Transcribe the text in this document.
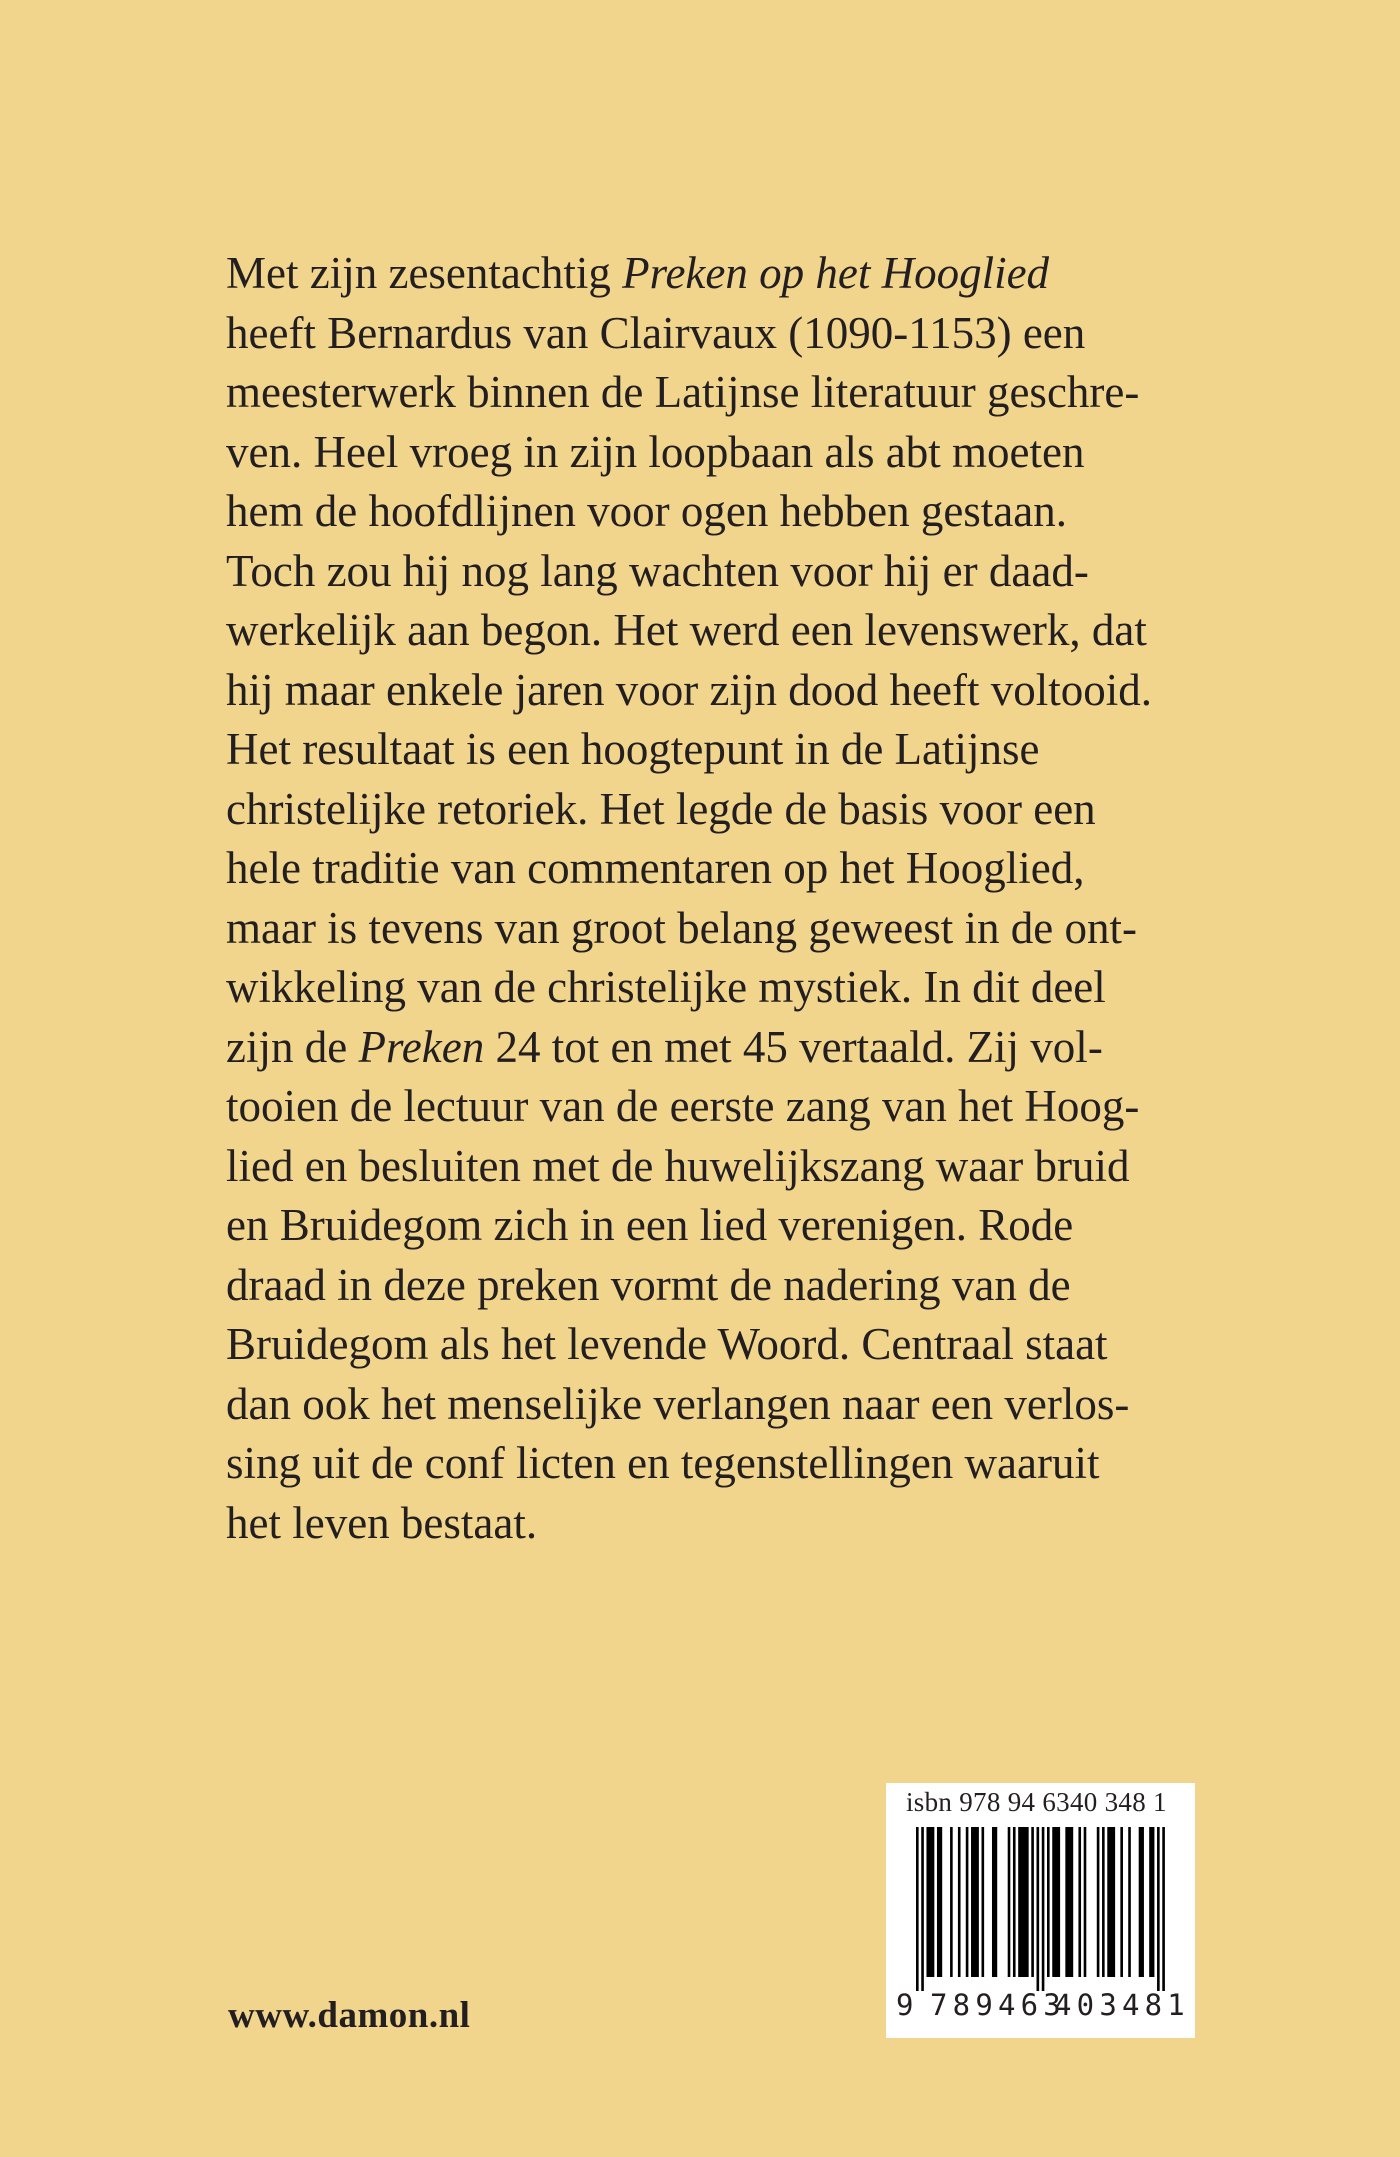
Met zijn zesentachtig Preken op het Hooglied
heeft Bernardus van Clairvaux (1090-1153) een
meesterwerk binnen de Latijnse literatuur geschre-
ven. Heel vroeg in zijn loopbaan als abt moeten
hem de hoofdlijnen voor ogen hebben gestaan.
Toch zou hij nog lang wachten voor hij er daad-
werkelijk aan begon. Het werd een levenswerk, dat
hij maar enkele jaren voor zijn dood heeft voltooid.
Het resultaat is een hoogtepunt in de Latijnse
christelijke retoriek. Het legde de basis voor een
hele traditie van commentaren op het Hooglied,
maar is tevens van groot belang geweest in de ont-
wikkeling van de christelijke mystiek. In dit deel
zijn de Preken 24 tot en met 45 vertaald. Zij vol-
tooien de lectuur van de eerste zang van het Hoog-
lied en besluiten met de huwelijkszang waar bruid
en Bruidegom zich in een lied verenigen. Rode
draad in deze preken vormt de nadering van de
Bruidegom als het levende Woord. Centraal staat
dan ook het menselijke verlangen naar een verlos-
sing uit de conf licten en tegenstellingen waaruit
het leven bestaat.
isbn 978 94 6340 348 1
9 789463
403481
www.damon.nl
